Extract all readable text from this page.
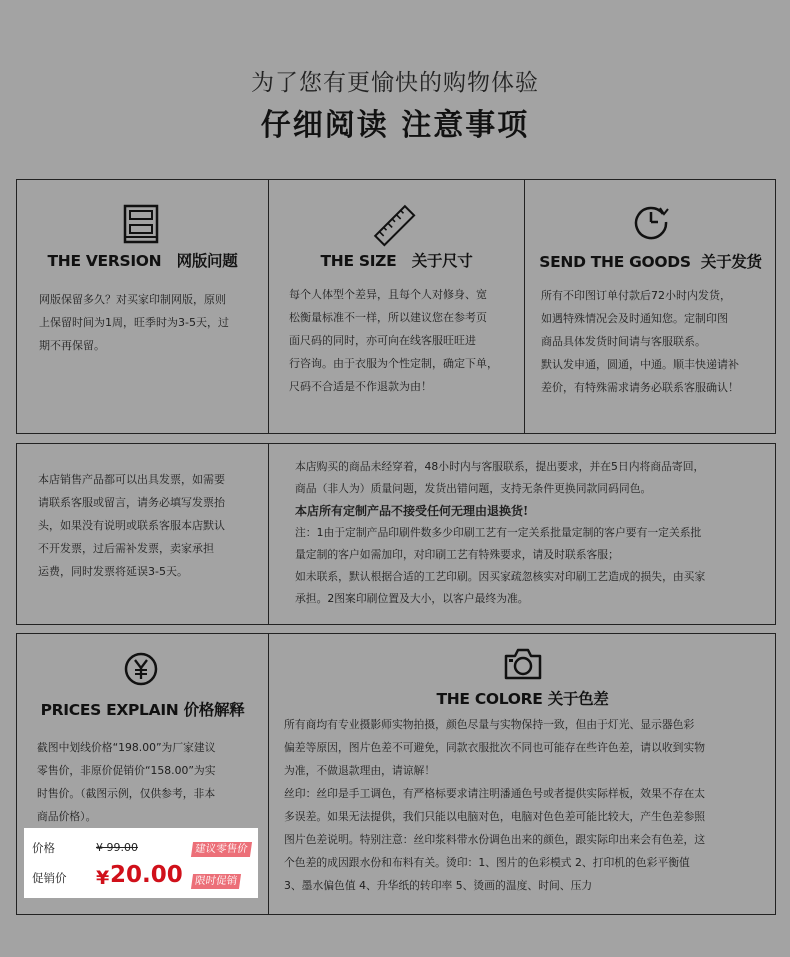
为了您有更愉快的购物体验
仔细阅读 注意事项
THE VERSION 网版问题

网版保留多久？对买家印制网版，原则

上保留时间为1周，旺季时为3-5天，过

期不再保留。

THE SIZE 关于尺寸

每个人体型个差异，且每个人对修身、宽

松衡量标准不一样，所以建议您在参考页

面尺码的同时，亦可向在线客服旺旺进

行咨询。由于衣服为个性定制，确定下单，

尺码不合适是不作退款为由！

SEND THE GOODS 关于发货

所有不印图订单付款后72小时内发货，

如遇特殊情况会及时通知您。定制印图

商品具体发货时间请与客服联系。

默认发申通，圆通，中通。顺丰快递请补

差价，有特殊需求请务必联系客服确认！

本店销售产品都可以出具发票，如需要

请联系客服或留言，请务必填写发票抬

头，如果没有说明或联系客服本店默认

不开发票，过后需补发票，卖家承担

运费，同时发票将延误3-5天。

本店购买的商品未经穿着，48小时内与客服联系，提出要求，并在5日内将商品寄回，

商品（非人为）质量问题，发货出错问题，支持无条件更换同款同码同色。

本店所有定制产品不接受任何无理由退换货!

注：1由于定制产品印刷件数多少印刷工艺有一定关系批量定制的客户要有一定关系批

量定制的客户如需加印，对印刷工艺有特殊要求，请及时联系客服；

如未联系，默认根据合适的工艺印刷。因买家疏忽核实对印刷工艺造成的损失，由买家

承担。2图案印刷位置及大小，以客户最终为准。

PRICES EXPLAIN 价格解释

截图中划线价格“198.00”为厂家建议

零售价，非原价促销价“158.00”为实

时售价。（截图示例，仅供参考，非本

商品价格）。

THE COLORE 关于色差

所有商均有专业摄影师实物拍摄，颜色尽量与实物保持一致，但由于灯光、显示器色彩

偏差等原因，图片色差不可避免，同款衣服批次不同也可能存在些许色差，请以收到实物

为准，不做退款理由，请谅解！

丝印：丝印是手工调色，有严格标要求请注明潘通色号或者提供实际样板，效果不存在太

多误差。如果无法提供，我们只能以电脑对色，电脑对色色差可能比较大，产生色差参照

图片色差说明。特别注意：丝印浆料带水份调色出来的颜色，跟实际印出来会有色差，这

个色差的成因跟水份和布料有关。烫印：1、图片的色彩模式 2、打印机的色彩平衡值

3、墨水偏色值 4、升华纸的转印率 5、烫画的温度、时间、压力

价格	¥ 99.00	建议零售价
促销价 ¥ 20.00	限时促销
